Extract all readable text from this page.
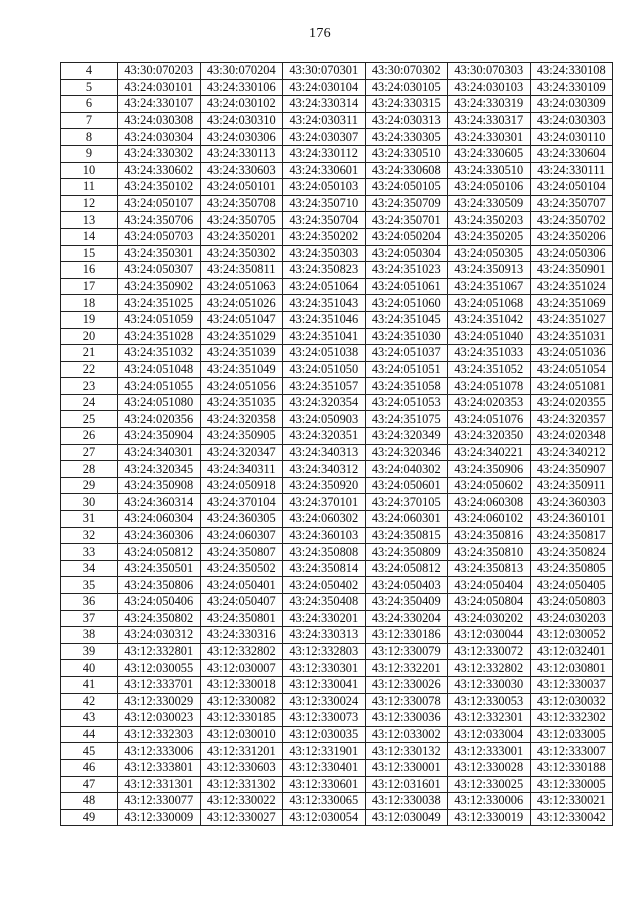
176
4	43:30:070203	43:30:070204	43:30:070301	43:30:070302	43:30:070303	43:24:330108
5	43:24:030101	43:24:330106	43:24:030104	43:24:030105	43:24:030103	43:24:330109
6	43:24:330107	43:24:030102	43:24:330314	43:24:330315	43:24:330319	43:24:030309
7	43:24:030308	43:24:030310	43:24:030311	43:24:030313	43:24:330317	43:24:030303
8	43:24:030304	43:24:030306	43:24:030307	43:24:330305	43:24:330301	43:24:030110
9	43:24:330302	43:24:330113	43:24:330112	43:24:330510	43:24:330605	43:24:330604
10	43:24:330602	43:24:330603	43:24:330601	43:24:330608	43:24:330510	43:24:330111
11	43:24:350102	43:24:050101	43:24:050103	43:24:050105	43:24:050106	43:24:050104
12	43:24:050107	43:24:350708	43:24:350710	43:24:350709	43:24:330509	43:24:350707
13	43:24:350706	43:24:350705	43:24:350704	43:24:350701	43:24:350203	43:24:350702
14	43:24:050703	43:24:350201	43:24:350202	43:24:050204	43:24:350205	43:24:350206
15	43:24:350301	43:24:350302	43:24:350303	43:24:050304	43:24:050305	43:24:050306
16	43:24:050307	43:24:350811	43:24:350823	43:24:351023	43:24:350913	43:24:350901
17	43:24:350902	43:24:051063	43:24:051064	43:24:051061	43:24:351067	43:24:351024
18	43:24:351025	43:24:051026	43:24:351043	43:24:051060	43:24:051068	43:24:351069
19	43:24:051059	43:24:051047	43:24:351046	43:24:351045	43:24:351042	43:24:351027
20	43:24:351028	43:24:351029	43:24:351041	43:24:351030	43:24:051040	43:24:351031
21	43:24:351032	43:24:351039	43:24:051038	43:24:051037	43:24:351033	43:24:051036
22	43:24:051048	43:24:351049	43:24:051050	43:24:051051	43:24:351052	43:24:051054
23	43:24:051055	43:24:051056	43:24:351057	43:24:351058	43:24:051078	43:24:051081
24	43:24:051080	43:24:351035	43:24:320354	43:24:051053	43:24:020353	43:24:020355
25	43:24:020356	43:24:320358	43:24:050903	43:24:351075	43:24:051076	43:24:320357
26	43:24:350904	43:24:350905	43:24:320351	43:24:320349	43:24:320350	43:24:020348
27	43:24:340301	43:24:320347	43:24:340313	43:24:320346	43:24:340221	43:24:340212
28	43:24:320345	43:24:340311	43:24:340312	43:24:040302	43:24:350906	43:24:350907
29	43:24:350908	43:24:050918	43:24:350920	43:24:050601	43:24:050602	43:24:350911
30	43:24:360314	43:24:370104	43:24:370101	43:24:370105	43:24:060308	43:24:360303
31	43:24:060304	43:24:360305	43:24:060302	43:24:060301	43:24:060102	43:24:360101
32	43:24:360306	43:24:060307	43:24:360103	43:24:350815	43:24:350816	43:24:350817
33	43:24:050812	43:24:350807	43:24:350808	43:24:350809	43:24:350810	43:24:350824
34	43:24:350501	43:24:350502	43:24:350814	43:24:050812	43:24:350813	43:24:350805
35	43:24:350806	43:24:050401	43:24:050402	43:24:050403	43:24:050404	43:24:050405
36	43:24:050406	43:24:050407	43:24:350408	43:24:350409	43:24:050804	43:24:050803
37	43:24:350802	43:24:350801	43:24:330201	43:24:330204	43:24:030202	43:24:030203
38	43:24:030312	43:24:330316	43:24:330313	43:12:330186	43:12:030044	43:12:030052
39	43:12:332801	43:12:332802	43:12:332803	43:12:330079	43:12:330072	43:12:032401
40	43:12:030055	43:12:030007	43:12:330301	43:12:332201	43:12:332802	43:12:030801
41	43:12:333701	43:12:330018	43:12:330041	43:12:330026	43:12:330030	43:12:330037
42	43:12:330029	43:12:330082	43:12:330024	43:12:330078	43:12:330053	43:12:030032
43	43:12:030023	43:12:330185	43:12:330073	43:12:330036	43:12:332301	43:12:332302
44	43:12:332303	43:12:030010	43:12:030035	43:12:033002	43:12:033004	43:12:033005
45	43:12:333006	43:12:331201	43:12:331901	43:12:330132	43:12:333001	43:12:333007
46	43:12:333801	43:12:330603	43:12:330401	43:12:330001	43:12:330028	43:12:330188
47	43:12:331301	43:12:331302	43:12:330601	43:12:031601	43:12:330025	43:12:330005
48	43:12:330077	43:12:330022	43:12:330065	43:12:330038	43:12:330006	43:12:330021
49	43:12:330009	43:12:330027	43:12:030054	43:12:030049	43:12:330019	43:12:330042
